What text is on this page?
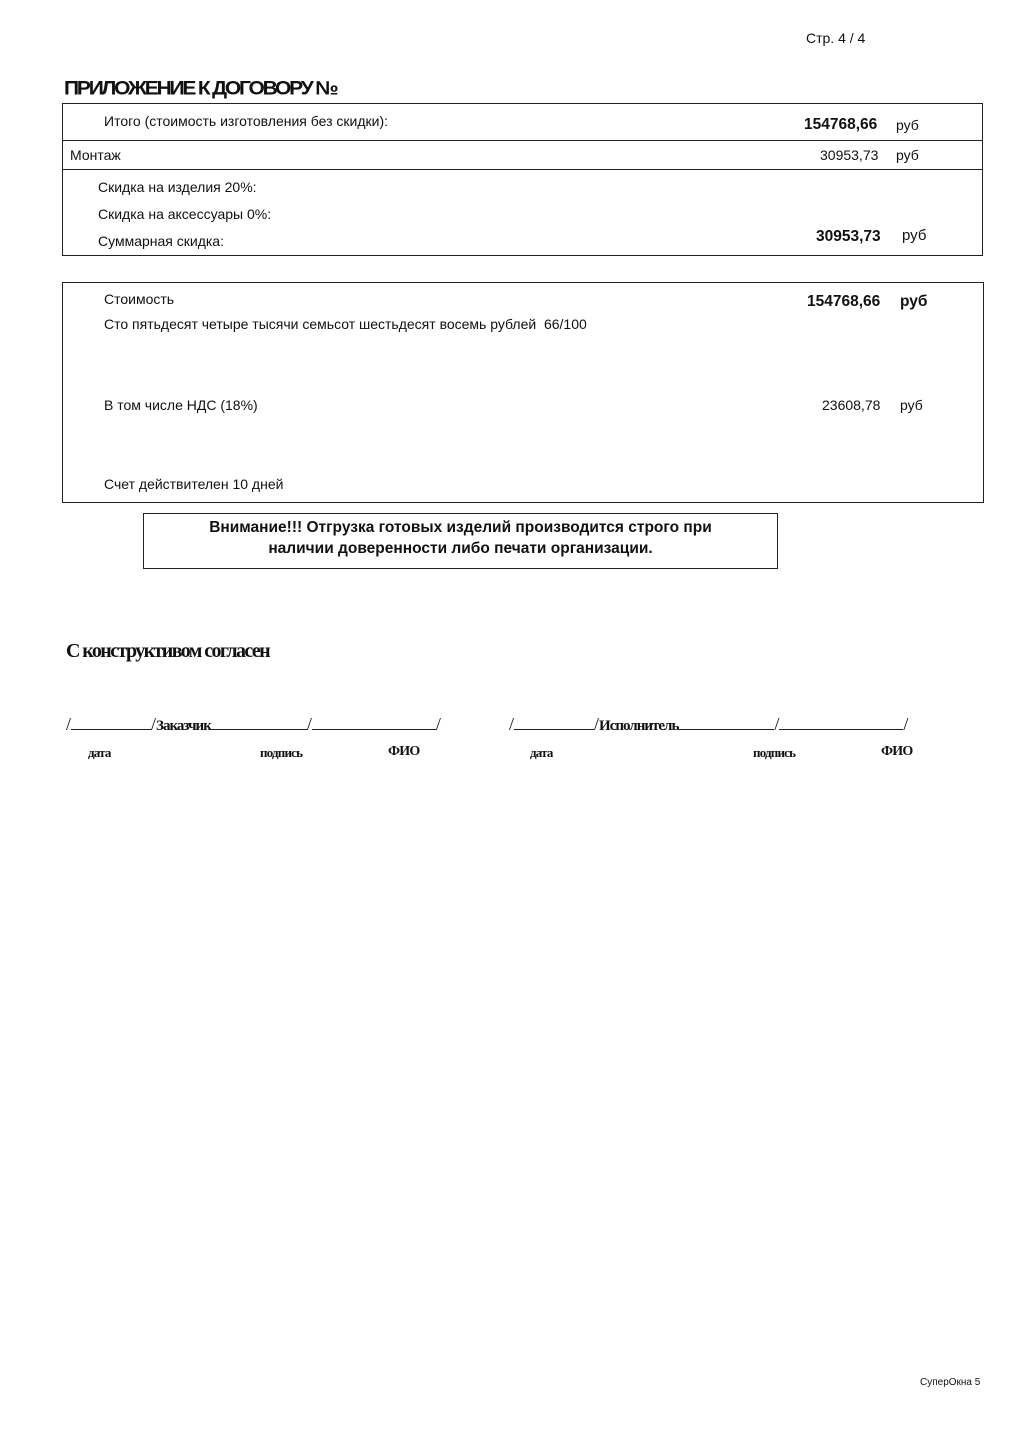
Стр. 4 / 4
ПРИЛОЖЕНИЕ К ДОГОВОРУ №
Итого (стоимость изготовления без скидки):	154768,66 руб
Монтаж	30953,73 руб
Скидка на изделия 20%:
Скидка на аксессуары 0%:
Суммарная скидка:	30953,73 руб
Стоимость	154768,66 руб
Сто пятьдесят четыре тысячи семьсот шестьдесят восемь рублей  66/100
В том числе НДС (18%)	23608,78 руб
Счет действителен 10 дней
Внимание!!! Отгрузка готовых изделий производится строго при
наличии доверенности либо печати организации.
С конструктивом согласен
/	/Заказчик	/	/	/	/Исполнитель	/	/
дата	подпись	ФИО	дата	подпись	ФИО
СуперОкна 5
